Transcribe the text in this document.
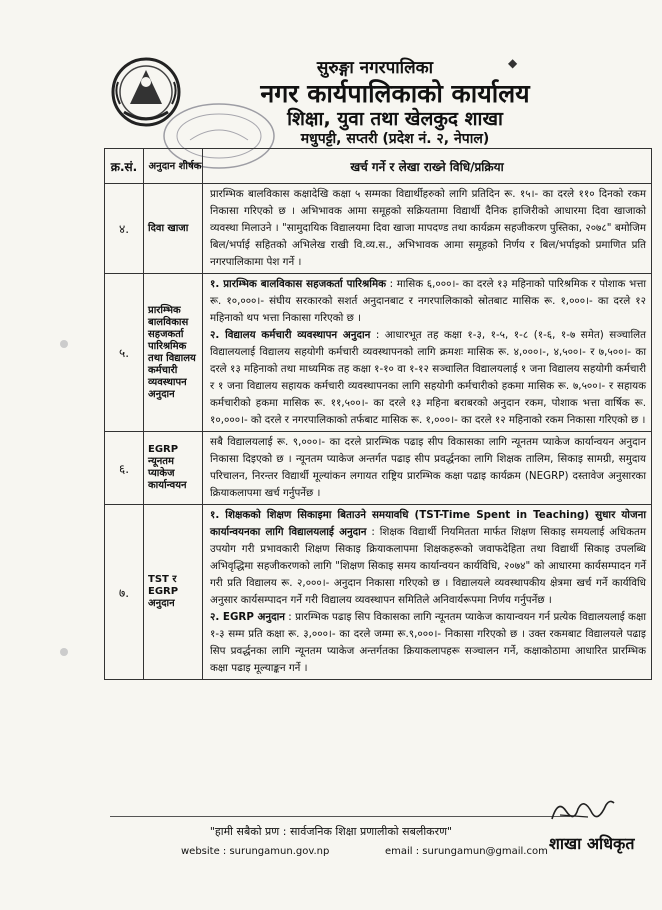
सुरुङ्गा नगरपालिका	◆
नगर कार्यपालिकाको कार्यालय
शिक्षा, युवा तथा खेलकुद शाखा
मधुपट्टी, सप्तरी (प्रदेश नं. २, नेपाल)
क्र.सं.	अनुदान शीर्षक	खर्च गर्ने र लेखा राख्ने विधि/प्रक्रिया
४.	दिवा खाजा	प्रारम्भिक बालविकास कक्षादेखि कक्षा ५ सम्मका विद्यार्थीहरुको लागि प्रतिदिन रू. १५।- का दरले ११० दिनको रकम निकासा गरिएको छ । अभिभावक आमा समूहको सक्रियतामा विद्यार्थी दैनिक हाजिरीको आधारमा दिवा खाजाको व्यवस्था मिलाउने । "सामुदायिक विद्यालयमा दिवा खाजा मापदण्ड तथा कार्यक्रम सहजीकरण पुस्तिका, २०७८" बमोजिम बिल/भर्पाई सहितको अभिलेख राखी वि.व्य.स., अभिभावक आमा समूहको निर्णय र बिल/भर्पाइको प्रमाणित प्रति नगरपालिकामा पेश गर्ने ।

५.	प्रारम्भिक बालविकास सहजकर्ता पारिश्रमिक तथा विद्यालय कर्मचारी व्यवस्थापन अनुदान	१. प्रारम्भिक बालविकास सहजकर्ता पारिश्रमिक : मासिक ६,०००।- का दरले १३ महिनाको पारिश्रमिक र पोशाक भत्ता रू. १०,०००।- संघीय सरकारको सशर्त अनुदानबाट र नगरपालिकाको स्रोतबाट मासिक रू. १,०००।- का दरले १२ महिनाको थप भत्ता निकासा गरिएको छ ।

२. विद्यालय कर्मचारी व्यवस्थापन अनुदान : आधारभूत तह कक्षा १-३, १-५, १-८ (१-६, १-७ समेत) सञ्चालित विद्यालयलाई विद्यालय सहयोगी कर्मचारी व्यवस्थापनको लागि क्रमशः मासिक रू. ४,०००।-, ४,५००।- र ७,५००।- का दरले १३ महिनाको तथा माध्यमिक तह कक्षा १-१० वा १-१२ सञ्चालित विद्यालयलाई १ जना विद्यालय सहयोगी कर्मचारी र १ जना विद्यालय सहायक कर्मचारी व्यवस्थापनका लागि सहयोगी कर्मचारीको हकमा मासिक रू. ७,५००।- र सहायक कर्मचारीको हकमा मासिक रू. ११,५००।- का दरले १३ महिना बराबरको अनुदान रकम, पोशाक भत्ता वार्षिक रू. १०,०००।- को दरले र नगरपालिकाको तर्फबाट मासिक रू. १,०००।- का दरले १२ महिनाको रकम निकासा गरिएको छ ।

६.	EGRP न्यूनतम प्याकेज कार्यान्वयन	सबै विद्यालयलाई रू. ९,०००।- का दरले प्रारम्भिक पढाइ सीप विकासका लागि न्यूनतम प्याकेज कार्यान्वयन अनुदान निकासा दिइएको छ । न्यूनतम प्याकेज अन्तर्गत पढाइ सीप प्रवर्द्धनका लागि शिक्षक तालिम, सिकाइ सामग्री, समुदाय परिचालन, निरन्तर विद्यार्थी मूल्यांकन लगायत राष्ट्रिय प्रारम्भिक कक्षा पढाइ कार्यक्रम (NEGRP) दस्तावेज अनुसारका क्रियाकलापमा खर्च गर्नुपर्नेछ ।

७.	TST र EGRP अनुदान	१. शिक्षकको शिक्षण सिकाइमा बिताउने समयावधि (TST-Time Spent in Teaching) सुधार योजना कार्यान्वयनका लागि विद्यालयलाई अनुदान : शिक्षक विद्यार्थी नियमितता मार्फत शिक्षण सिकाइ समयलाई अधिकतम उपयोग गरी प्रभावकारी शिक्षण सिकाइ क्रियाकलापमा शिक्षकहरूको जवाफदेहिता तथा विद्यार्थी सिकाइ उपलब्धि अभिवृद्धिमा सहजीकरणको लागि "शिक्षण सिकाइ समय कार्यान्वयन कार्यविधि, २०७४" को आधारमा कार्यसम्पादन गर्ने गरी प्रति विद्यालय रू. २,०००।- अनुदान निकासा गरिएको छ । विद्यालयले व्यवस्थापकीय क्षेत्रमा खर्च गर्ने कार्यविधि अनुसार कार्यसम्पादन गर्ने गरी विद्यालय व्यवस्थापन समितिले अनिवार्यरूपमा निर्णय गर्नुपर्नेछ ।

२. EGRP अनुदान : प्रारम्भिक पढाइ सिप विकासका लागि न्यूनतम प्याकेज कायान्वयन गर्न प्रत्येक विद्यालयलाई कक्षा १-३ सम्म प्रति कक्षा रू. ३,०००।- का दरले जम्मा रू.९,०००।- निकासा गरिएको छ । उक्त रकमबाट विद्यालयले पढाइ सिप प्रवर्द्धनका लागि न्यूनतम प्याकेज अन्तर्गतका क्रियाकलापहरू सञ्चालन गर्ने, कक्षाकोठामा आधारित प्रारम्भिक कक्षा पढाइ मूल्याङ्कन गर्ने ।

"हामी सबैको प्रण : सार्वजनिक शिक्षा प्रणालीको सबलीकरण"
website : surungamun.gov.np	email : surungamun@gmail.com शाखा अधिकृत
